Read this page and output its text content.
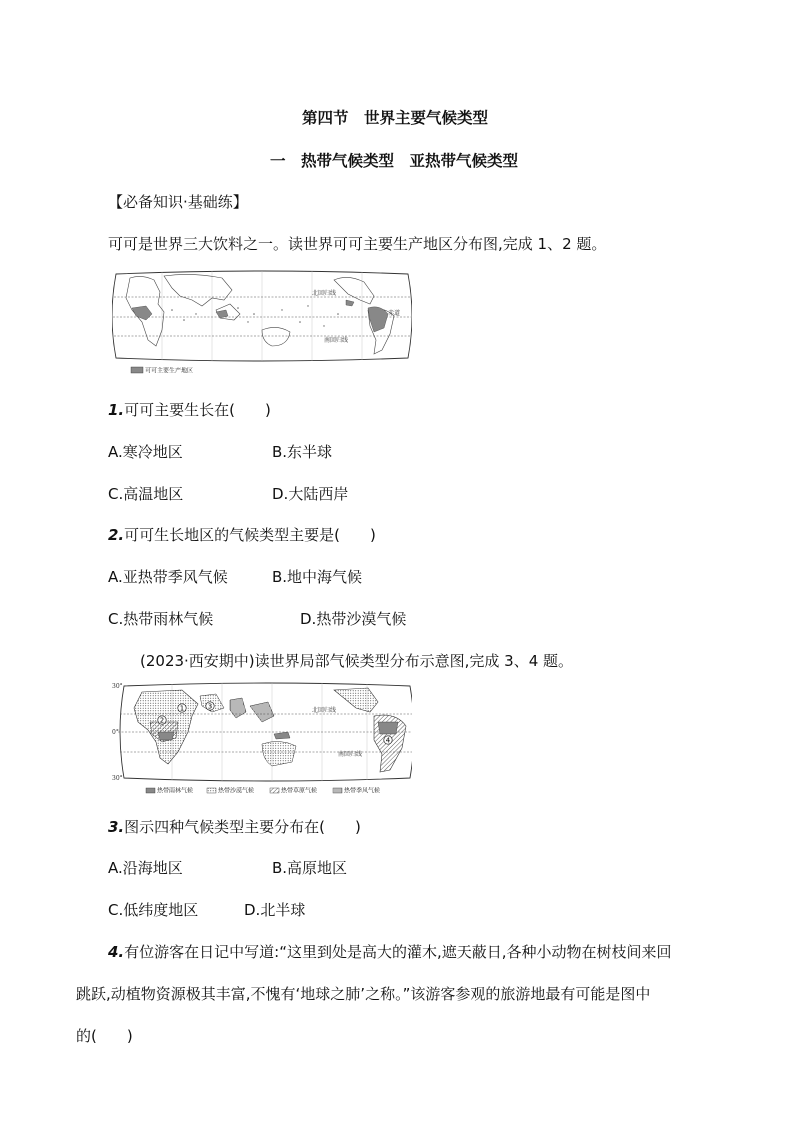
第四节　世界主要气候类型
一　热带气候类型　亚热带气候类型
【必备知识·基础练】
可可是世界三大饮料之一。读世界可可主要生产地区分布图,完成 1、2 题。
北回归线
赤道
南回归线
可可主要生产地区
1.可可主要生长在(　　)
A.寒冷地区	B.东半球
C.高温地区	D.大陆西岸
2.可可生长地区的气候类型主要是(　　)
A.亚热带季风气候	B.地中海气候
C.热带雨林气候	D.热带沙漠气候
(2023·西安期中)读世界局部气候类型分布示意图,完成 3、4 题。
30°
0°
30°
1
2
3
4
北回归线
南回归线
热带雨林气候	热带沙漠气候	热带草原气候	热带季风气候
3.图示四种气候类型主要分布在(　　)
A.沿海地区	B.高原地区
C.低纬度地区	D.北半球
4.有位游客在日记中写道:“这里到处是高大的灌木,遮天蔽日,各种小动物在树枝间来回
跳跃,动植物资源极其丰富,不愧有‘地球之肺’之称。”该游客参观的旅游地最有可能是图中
的(　　)
